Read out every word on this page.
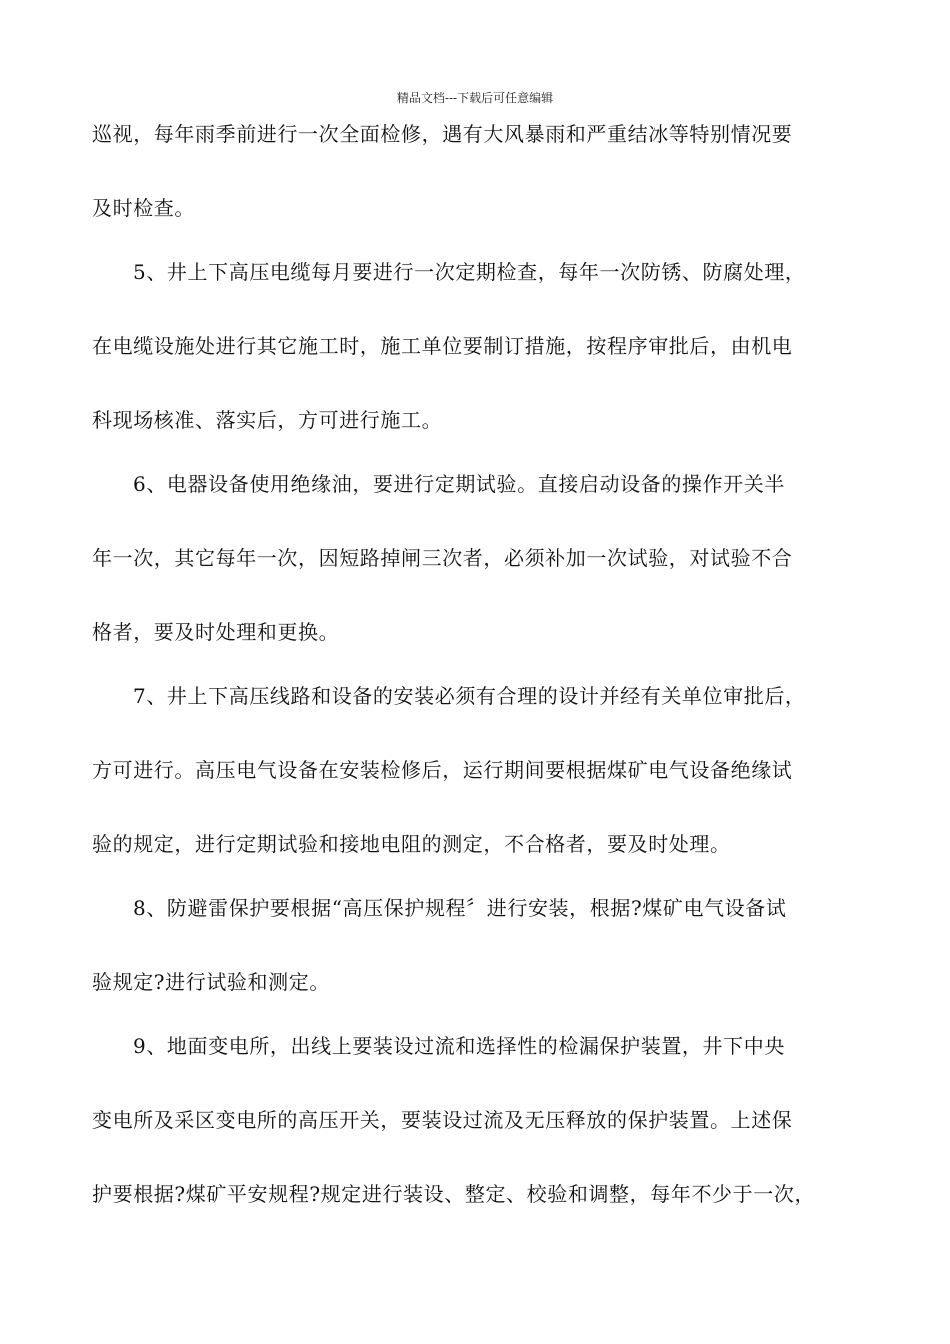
精品文档---下载后可任意编辑
巡视，每年雨季前进行一次全面检修，遇有大风暴雨和严重结冰等特别情况要
及时检查。
5、井上下高压电缆每月要进行一次定期检查，每年一次防锈、防腐处理，
在电缆设施处进行其它施工时，施工单位要制订措施，按程序审批后，由机电
科现场核准、落实后，方可进行施工。
6、电器设备使用绝缘油，要进行定期试验。直接启动设备的操作开关半
年一次，其它每年一次，因短路掉闸三次者，必须补加一次试验，对试验不合
格者，要及时处理和更换。
7、井上下高压线路和设备的安装必须有合理的设计并经有关单位审批后，
方可进行。高压电气设备在安装检修后，运行期间要根据煤矿电气设备绝缘试
验的规定，进行定期试验和接地电阻的测定，不合格者，要及时处理。
8、防避雷保护要根据“高压保护规程〞进行安装，根据?煤矿电气设备试
验规定?进行试验和测定。
9、地面变电所，出线上要装设过流和选择性的检漏保护装置，井下中央
变电所及采区变电所的高压开关，要装设过流及无压释放的保护装置。上述保
护要根据?煤矿平安规程?规定进行装设、整定、校验和调整，每年不少于一次，
